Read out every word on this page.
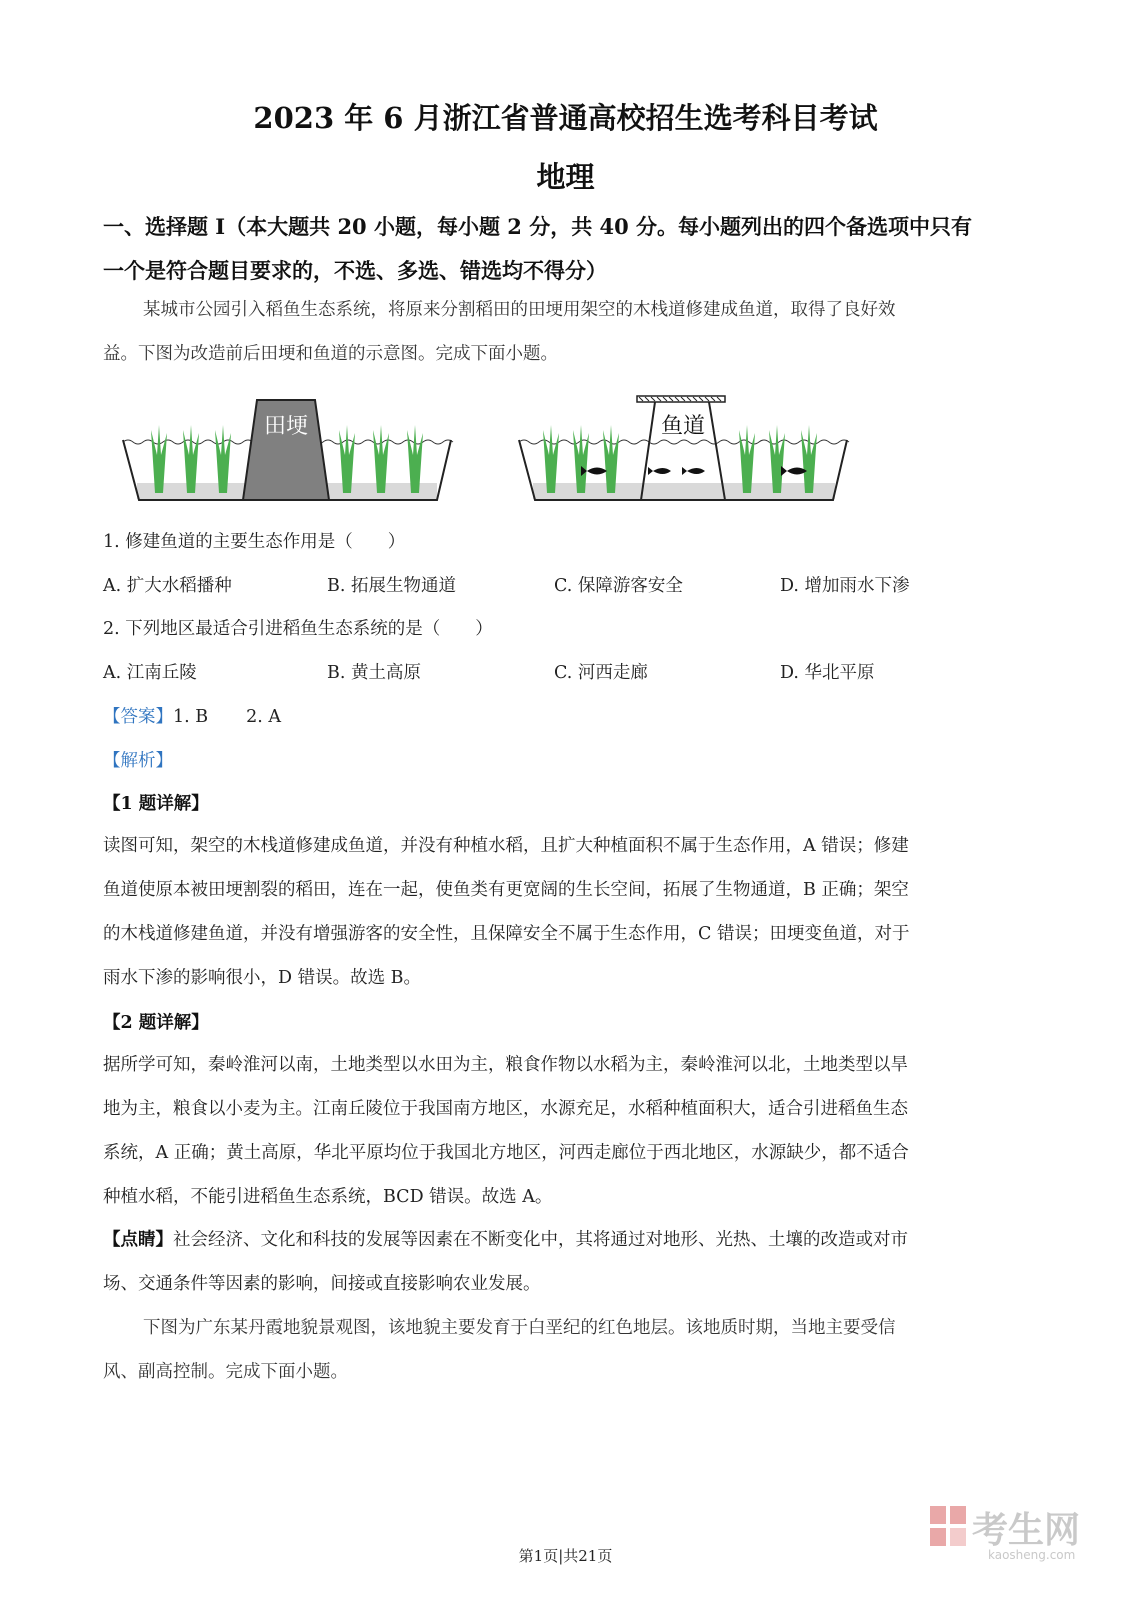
2023 年 6 月浙江省普通高校招生选考科目考试
地理
一、选择题 I（本大题共 20 小题，每小题 2 分，共 40 分。每小题列出的四个备选项中只有
一个是符合题目要求的，不选、多选、错选均不得分）
某城市公园引入稻鱼生态系统，将原来分割稻田的田埂用架空的木栈道修建成鱼道，取得了良好效
益。下图为改造前后田埂和鱼道的示意图。完成下面小题。
田埂	鱼道
1. 修建鱼道的主要生态作用是（　　）
A. 扩大水稻播种	B. 拓展生物通道	C. 保障游客安全	D. 增加雨水下渗
2. 下列地区最适合引进稻鱼生态系统的是（　　）
A. 江南丘陵	B. 黄土高原	C. 河西走廊	D. 华北平原
【答案】1. B 2. A
【解析】
【1 题详解】
读图可知，架空的木栈道修建成鱼道，并没有种植水稻，且扩大种植面积不属于生态作用，A 错误；修建
鱼道使原本被田埂割裂的稻田，连在一起，使鱼类有更宽阔的生长空间，拓展了生物通道，B 正确；架空
的木栈道修建鱼道，并没有增强游客的安全性，且保障安全不属于生态作用，C 错误；田埂变鱼道，对于
雨水下渗的影响很小，D 错误。故选 B。
【2 题详解】
据所学可知，秦岭淮河以南，土地类型以水田为主，粮食作物以水稻为主，秦岭淮河以北，土地类型以旱
地为主，粮食以小麦为主。江南丘陵位于我国南方地区，水源充足，水稻种植面积大，适合引进稻鱼生态
系统，A 正确；黄土高原，华北平原均位于我国北方地区，河西走廊位于西北地区，水源缺少，都不适合
种植水稻，不能引进稻鱼生态系统，BCD 错误。故选 A。
【点睛】社会经济、文化和科技的发展等因素在不断变化中，其将通过对地形、光热、土壤的改造或对市
场、交通条件等因素的影响，间接或直接影响农业发展。
下图为广东某丹霞地貌景观图，该地貌主要发育于白垩纪的红色地层。该地质时期，当地主要受信
风、副高控制。完成下面小题。
考生网
kaosheng.com
第1页|共21页
